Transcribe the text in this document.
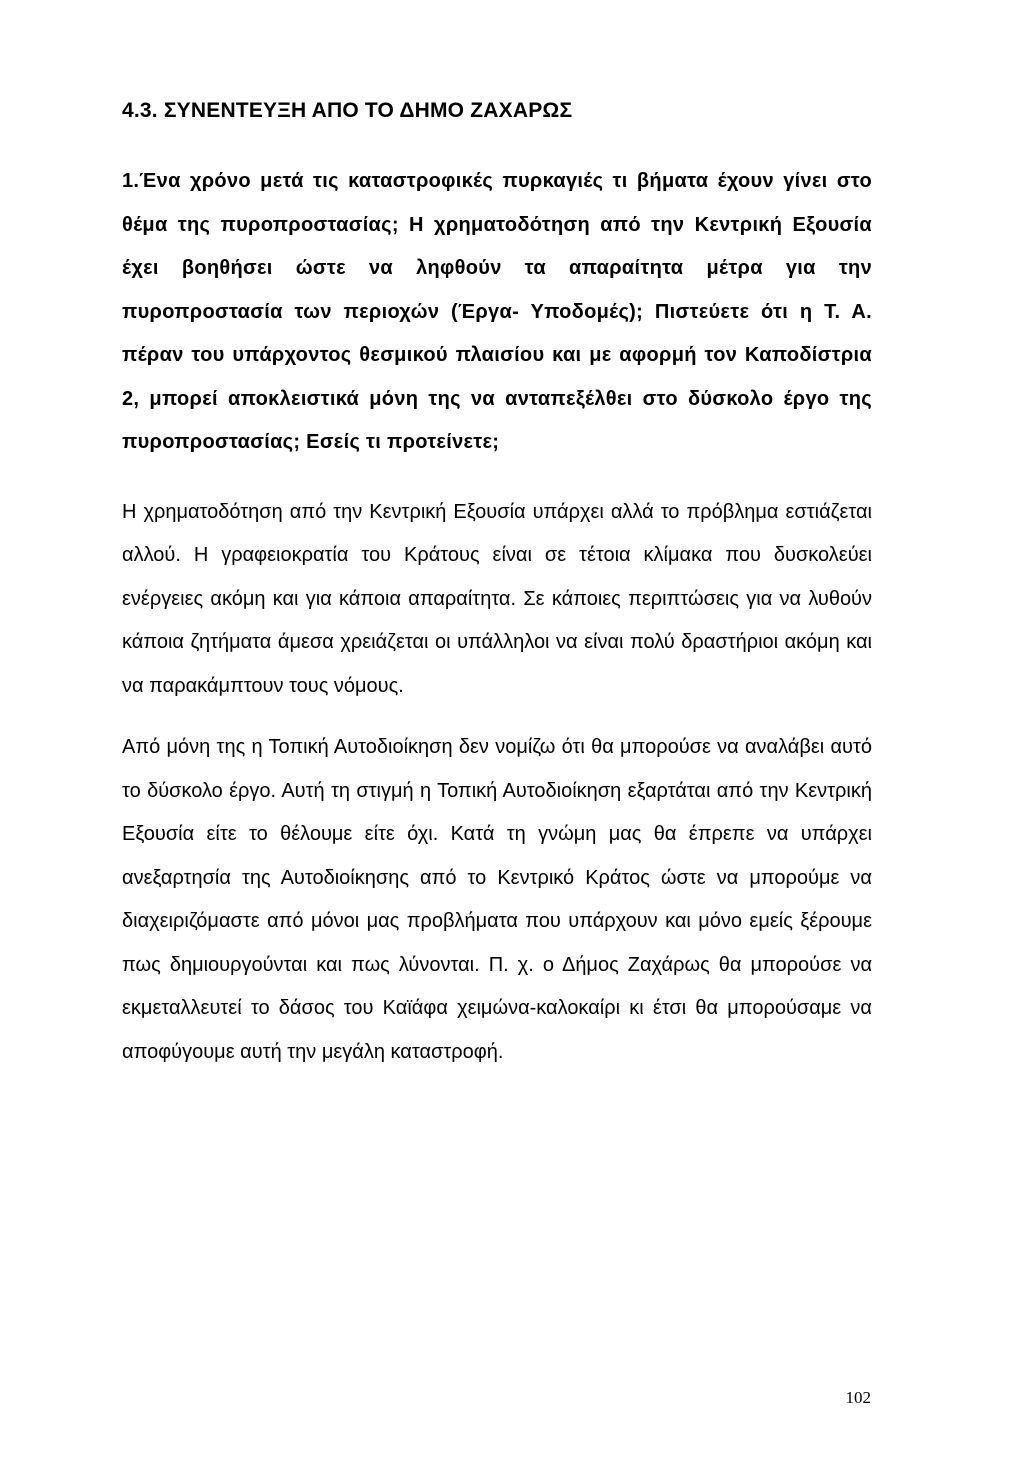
4.3. ΣΥΝΕΝΤΕΥΞΗ ΑΠΟ ΤΟ ΔΗΜΟ ΖΑΧΑΡΩΣ

1.Ένα χρόνο μετά τις καταστροφικές πυρκαγιές τι βήματα έχουν γίνει στο θέμα της πυροπροστασίας; Η χρηματοδότηση από την Κεντρική Εξουσία έχει βοηθήσει ώστε να ληφθούν τα απαραίτητα μέτρα για την πυροπροστασία των περιοχών (Έργα- Υποδομές); Πιστεύετε ότι η Τ. Α. πέραν του υπάρχοντος θεσμικού πλαισίου και με αφορμή τον Καποδίστρια 2, μπορεί αποκλειστικά μόνη της να ανταπεξέλθει στο δύσκολο έργο της πυροπροστασίας; Εσείς τι προτείνετε;

Η χρηματοδότηση από την Κεντρική Εξουσία υπάρχει αλλά το πρόβλημα εστιάζεται αλλού. Η γραφειοκρατία του Κράτους είναι σε τέτοια κλίμακα που δυσκολεύει ενέργειες ακόμη και για κάποια απαραίτητα. Σε κάποιες περιπτώσεις για να λυθούν κάποια ζητήματα άμεσα χρειάζεται οι υπάλληλοι να είναι πολύ δραστήριοι ακόμη και να παρακάμπτουν τους νόμους.

Από μόνη της η Τοπική Αυτοδιοίκηση δεν νομίζω ότι θα μπορούσε να αναλάβει αυτό το δύσκολο έργο. Αυτή τη στιγμή η Τοπική Αυτοδιοίκηση εξαρτάται από την Κεντρική Εξουσία είτε το θέλουμε είτε όχι. Κατά τη γνώμη μας θα έπρεπε να υπάρχει ανεξαρτησία της Αυτοδιοίκησης από το Κεντρικό Κράτος ώστε να μπορούμε να διαχειριζόμαστε από μόνοι μας προβλήματα που υπάρχουν και μόνο εμείς ξέρουμε πως δημιουργούνται και πως λύνονται. Π. χ. ο Δήμος Ζαχάρως θα μπορούσε να εκμεταλλευτεί το δάσος του Καϊάφα χειμώνα-καλοκαίρι κι έτσι θα μπορούσαμε να αποφύγουμε αυτή την μεγάλη καταστροφή.

102
